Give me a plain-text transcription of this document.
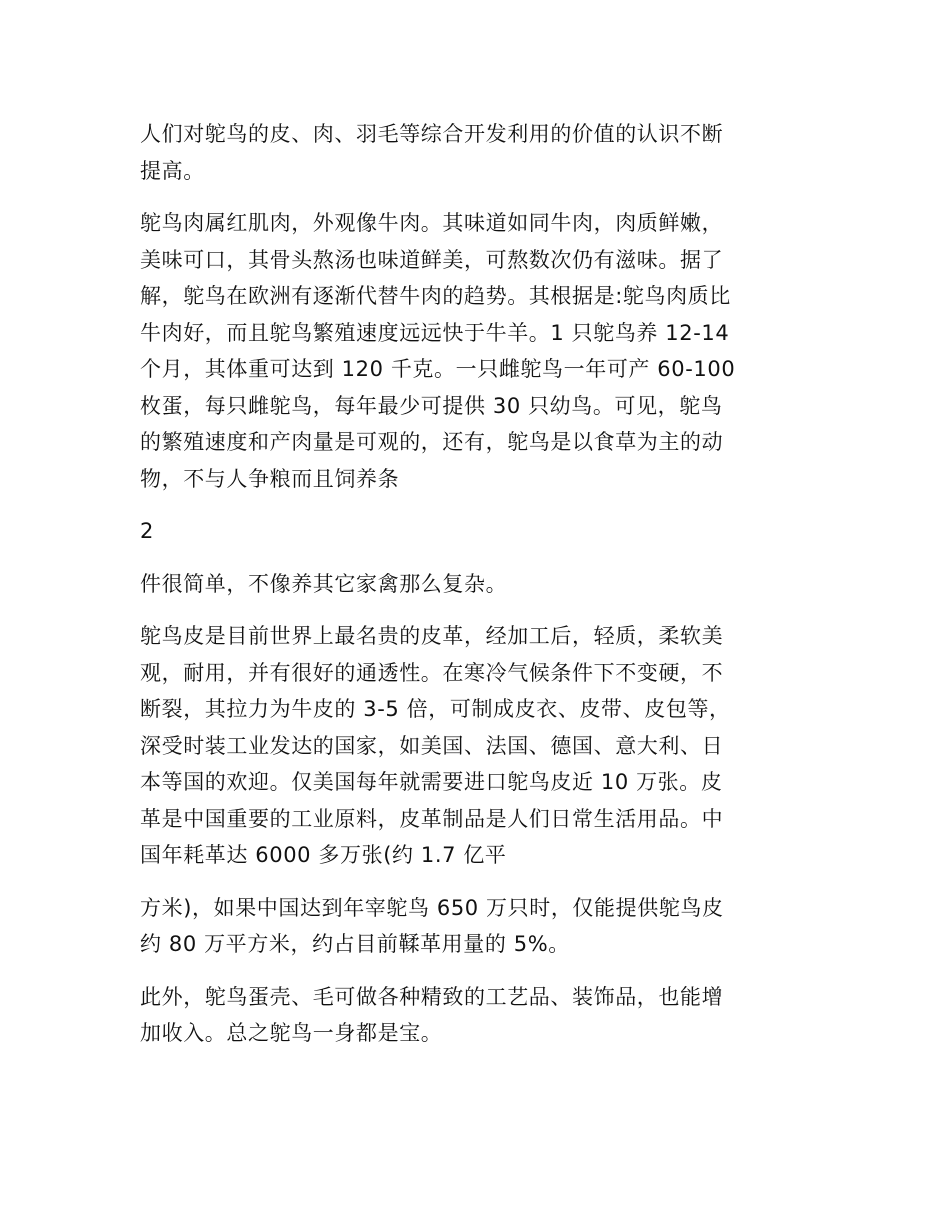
人们对鸵鸟的皮、肉、羽毛等综合开发利用的价值的认识不断
提高。

鸵鸟肉属红肌肉，外观像牛肉。其味道如同牛肉，肉质鲜嫩，
美味可口，其骨头熬汤也味道鲜美，可熬数次仍有滋味。据了
解，鸵鸟在欧洲有逐渐代替牛肉的趋势。其根据是:鸵鸟肉质比
牛肉好，而且鸵鸟繁殖速度远远快于牛羊。1 只鸵鸟养 12-14
个月，其体重可达到 120 千克。一只雌鸵鸟一年可产 60-100
枚蛋，每只雌鸵鸟，每年最少可提供 30 只幼鸟。可见，鸵鸟
的繁殖速度和产肉量是可观的，还有，鸵鸟是以食草为主的动
物，不与人争粮而且饲养条

2

件很简单，不像养其它家禽那么复杂。

鸵鸟皮是目前世界上最名贵的皮革，经加工后，轻质，柔软美
观，耐用，并有很好的通透性。在寒冷气候条件下不变硬，不
断裂，其拉力为牛皮的 3-5 倍，可制成皮衣、皮带、皮包等，
深受时装工业发达的国家，如美国、法国、德国、意大利、日
本等国的欢迎。仅美国每年就需要进口鸵鸟皮近 10 万张。皮
革是中国重要的工业原料，皮革制品是人们日常生活用品。中
国年耗革达 6000 多万张(约 1.7 亿平

方米)，如果中国达到年宰鸵鸟 650 万只时，仅能提供鸵鸟皮
约 80 万平方米，约占目前鞣革用量的 5%。

此外，鸵鸟蛋壳、毛可做各种精致的工艺品、装饰品，也能增
加收入。总之鸵鸟一身都是宝。
